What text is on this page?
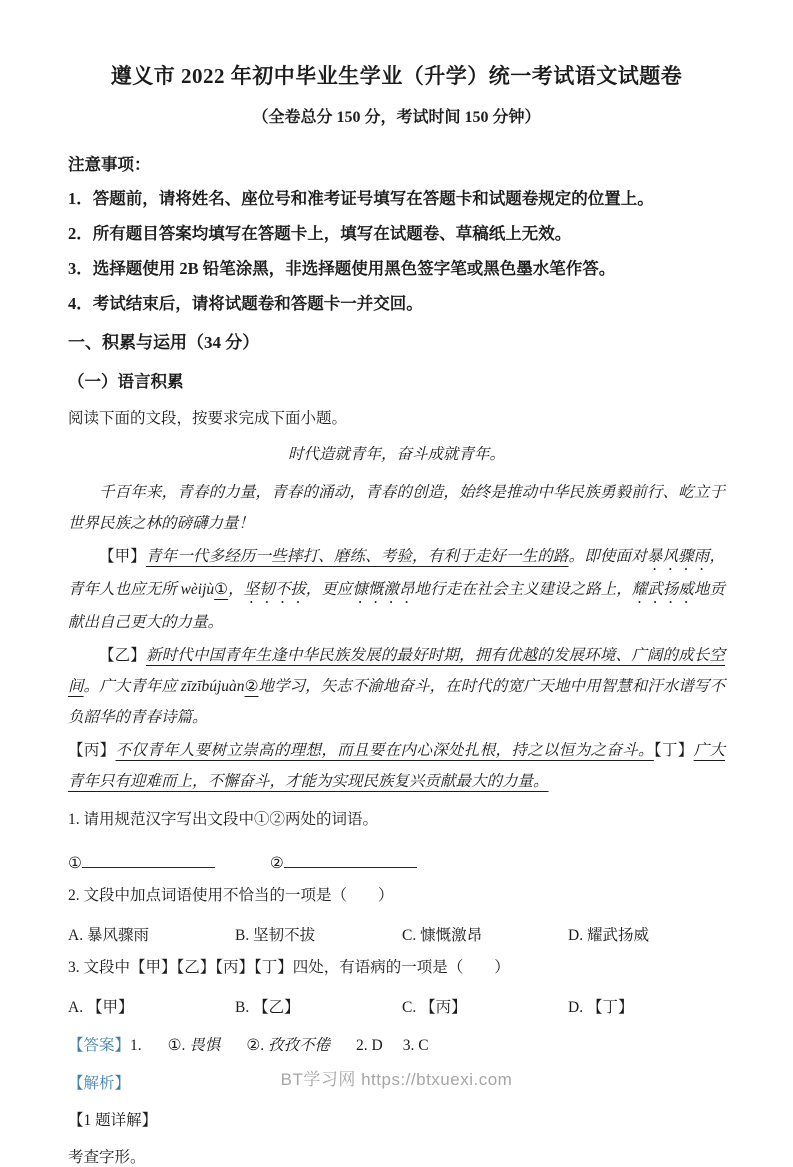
遵义市 2022 年初中毕业生学业（升学）统一考试语文试题卷
（全卷总分 150 分，考试时间 150 分钟）
注意事项：
1．答题前，请将姓名、座位号和准考证号填写在答题卡和试题卷规定的位置上。
2．所有题目答案均填写在答题卡上，填写在试题卷、草稿纸上无效。
3．选择题使用 2B 铅笔涂黑，非选择题使用黑色签字笔或黑色墨水笔作答。
4．考试结束后，请将试题卷和答题卡一并交回。
一、积累与运用（34 分）
（一）语言积累
阅读下面的文段，按要求完成下面小题。
时代造就青年，奋斗成就青年。

千百年来，青春的力量，青春的涌动，青春的创造，始终是推动中华民族勇毅前行、屹立于世界民族之林的磅礴力量！

【甲】青年一代多经历一些摔打、磨练、考验，有利于走好一生的路。即使面对暴风骤雨，青年人也应无所 wèijù①，坚韧不拔，更应慷慨激昂地行走在社会主义建设之路上，耀武扬威地贡献出自己更大的力量。

【乙】新时代中国青年生逢中华民族发展的最好时期，拥有优越的发展环境、广阔的成长空间。广大青年应 zīzībújuàn②地学习，矢志不渝地奋斗，在时代的宽广天地中用智慧和汗水谱写不负韶华的青春诗篇。

【丙】不仅青年人要树立崇高的理想，而且要在内心深处扎根，持之以恒为之奋斗。【丁】广大青年只有迎难而上，不懈奋斗，才能为实现民族复兴贡献最大的力量。

1. 请用规范汉字写出文段中①②两处的词语。
①	②
2. 文段中加点词语使用不恰当的一项是（　　）
A. 暴风骤雨	B. 坚韧不拔	C. 慷慨激昂	D. 耀武扬威
3. 文段中【甲】【乙】【丙】【丁】四处，有语病的一项是（　　）
A. 【甲】	B. 【乙】	C. 【丙】	D. 【丁】
【答案】1. ①. 畏惧 ②. 孜孜不倦 2. D 3. C
【解析】
【1 题详解】
考查字形。
BT学习网 https://btxuexi.com
